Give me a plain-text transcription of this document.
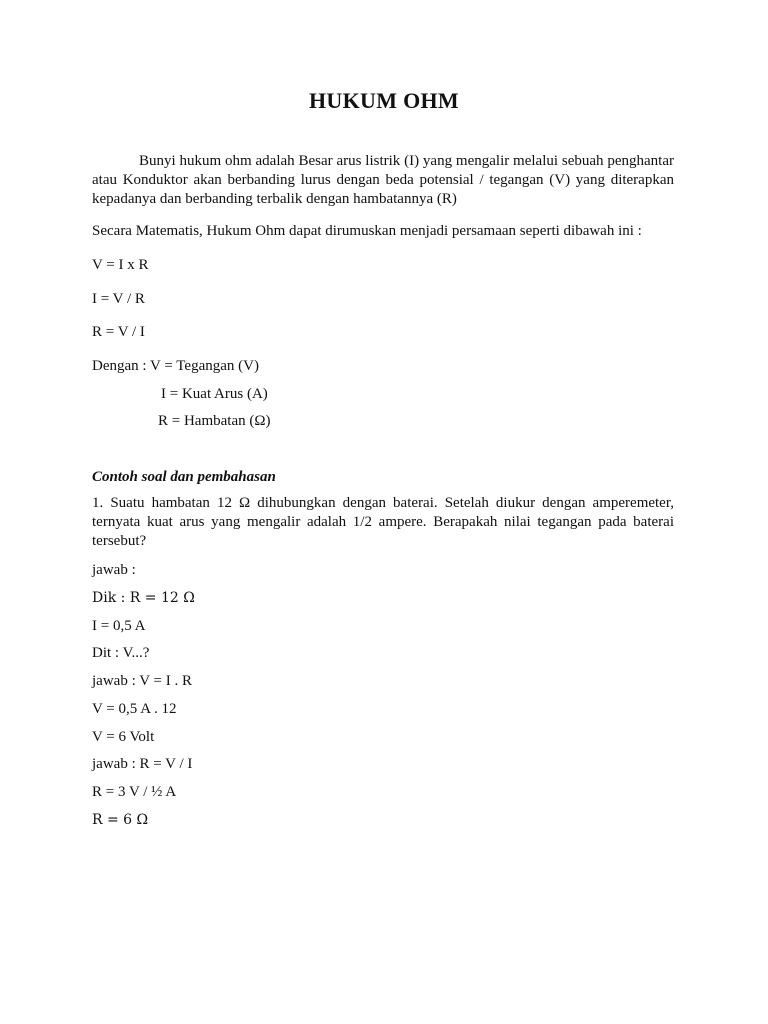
HUKUM OHM
Bunyi hukum ohm adalah Besar arus listrik (I) yang mengalir melalui sebuah penghantar atau Konduktor akan berbanding lurus dengan beda potensial / tegangan (V) yang diterapkan kepadanya dan berbanding terbalik dengan hambatannya (R)
Secara Matematis, Hukum Ohm dapat dirumuskan menjadi persamaan seperti dibawah ini :
V = I x R
I = V / R
R = V / I
Dengan : V = Tegangan (V)
I = Kuat Arus (A)
R = Hambatan (Ω)
Contoh soal dan pembahasan
1. Suatu hambatan 12 Ω dihubungkan dengan baterai. Setelah diukur dengan amperemeter, ternyata kuat arus yang mengalir adalah 1/2 ampere. Berapakah nilai tegangan pada baterai tersebut?
jawab :
Dik : R = 12 Ω
I = 0,5 A
Dit : V...?
jawab : V = I . R
V = 0,5 A . 12
V = 6 Volt
jawab : R = V / I
R = 3 V / ½ A
R = 6 Ω
